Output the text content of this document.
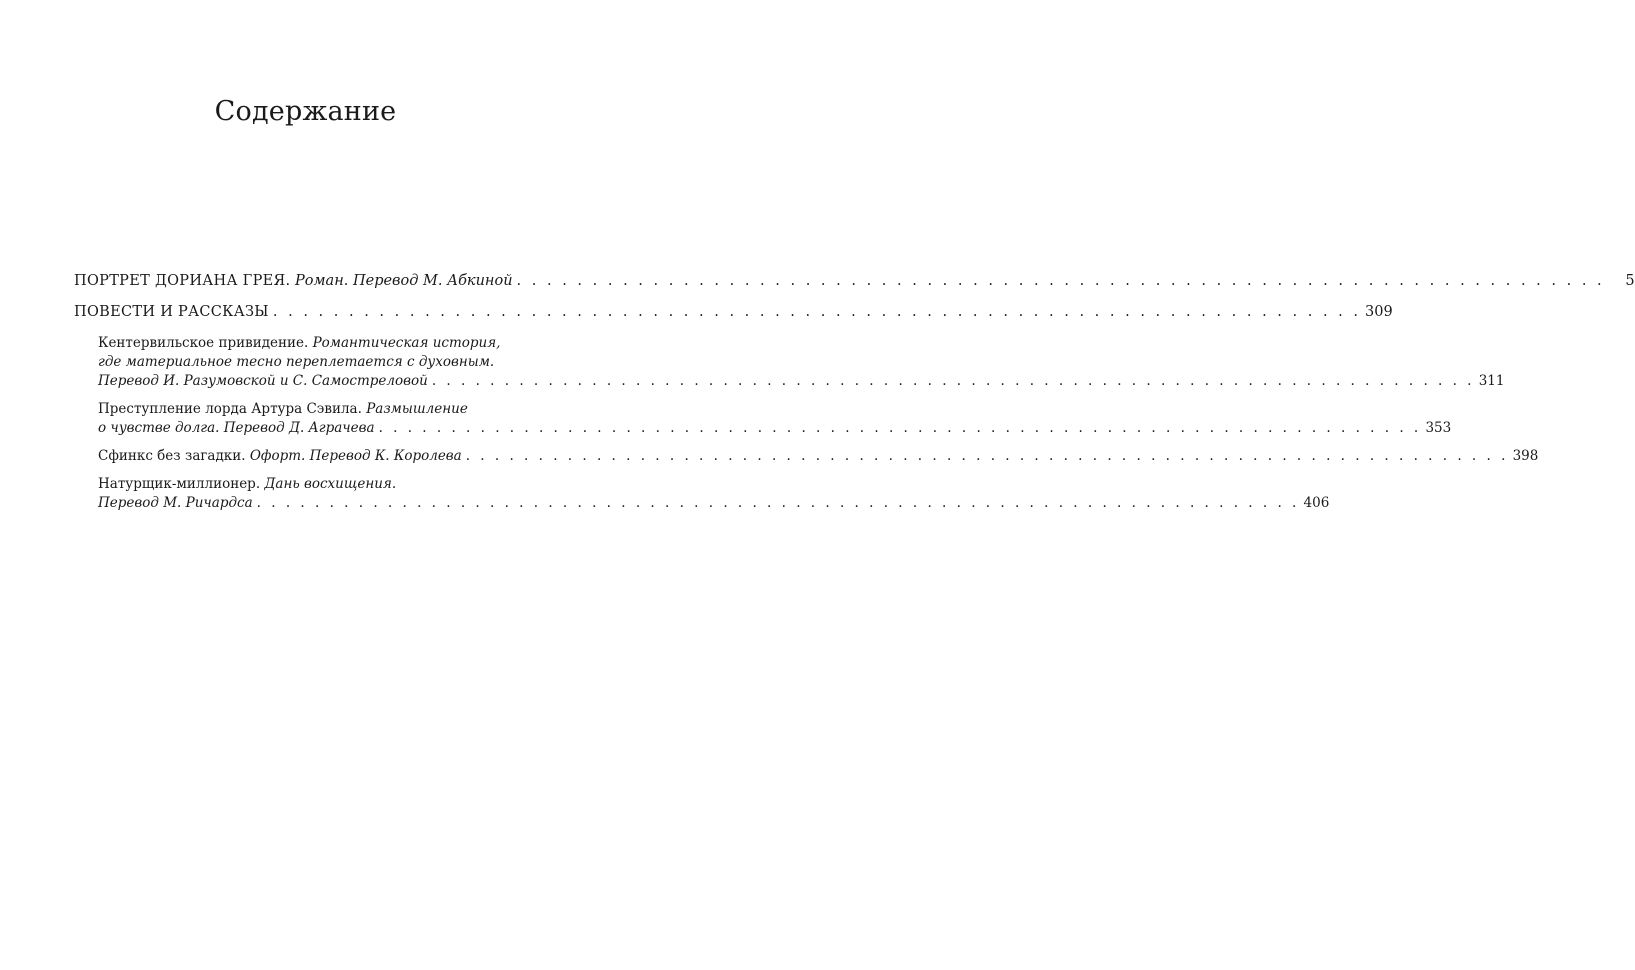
Содержание
ПОРТРЕТ ДОРИАНА ГРЕЯ. Роман. Перевод М. Абкиной . . .	5
ПОВЕСТИ И РАССКАЗЫ . . .	309
Кентервильское привидение. Романтическая история,
где материальное тесно переплетается с духовным.
Перевод И. Разумовской и С. Самостреловой . . .	311
Преступление лорда Артура Сэвила. Размышление
о чувстве долга. Перевод Д. Аграчева . . .	353
Сфинкс без загадки. Офорт. Перевод К. Королева . . .	398
Натурщик-миллионер. Дань восхищения.
Перевод М. Ричардса . . .	406
